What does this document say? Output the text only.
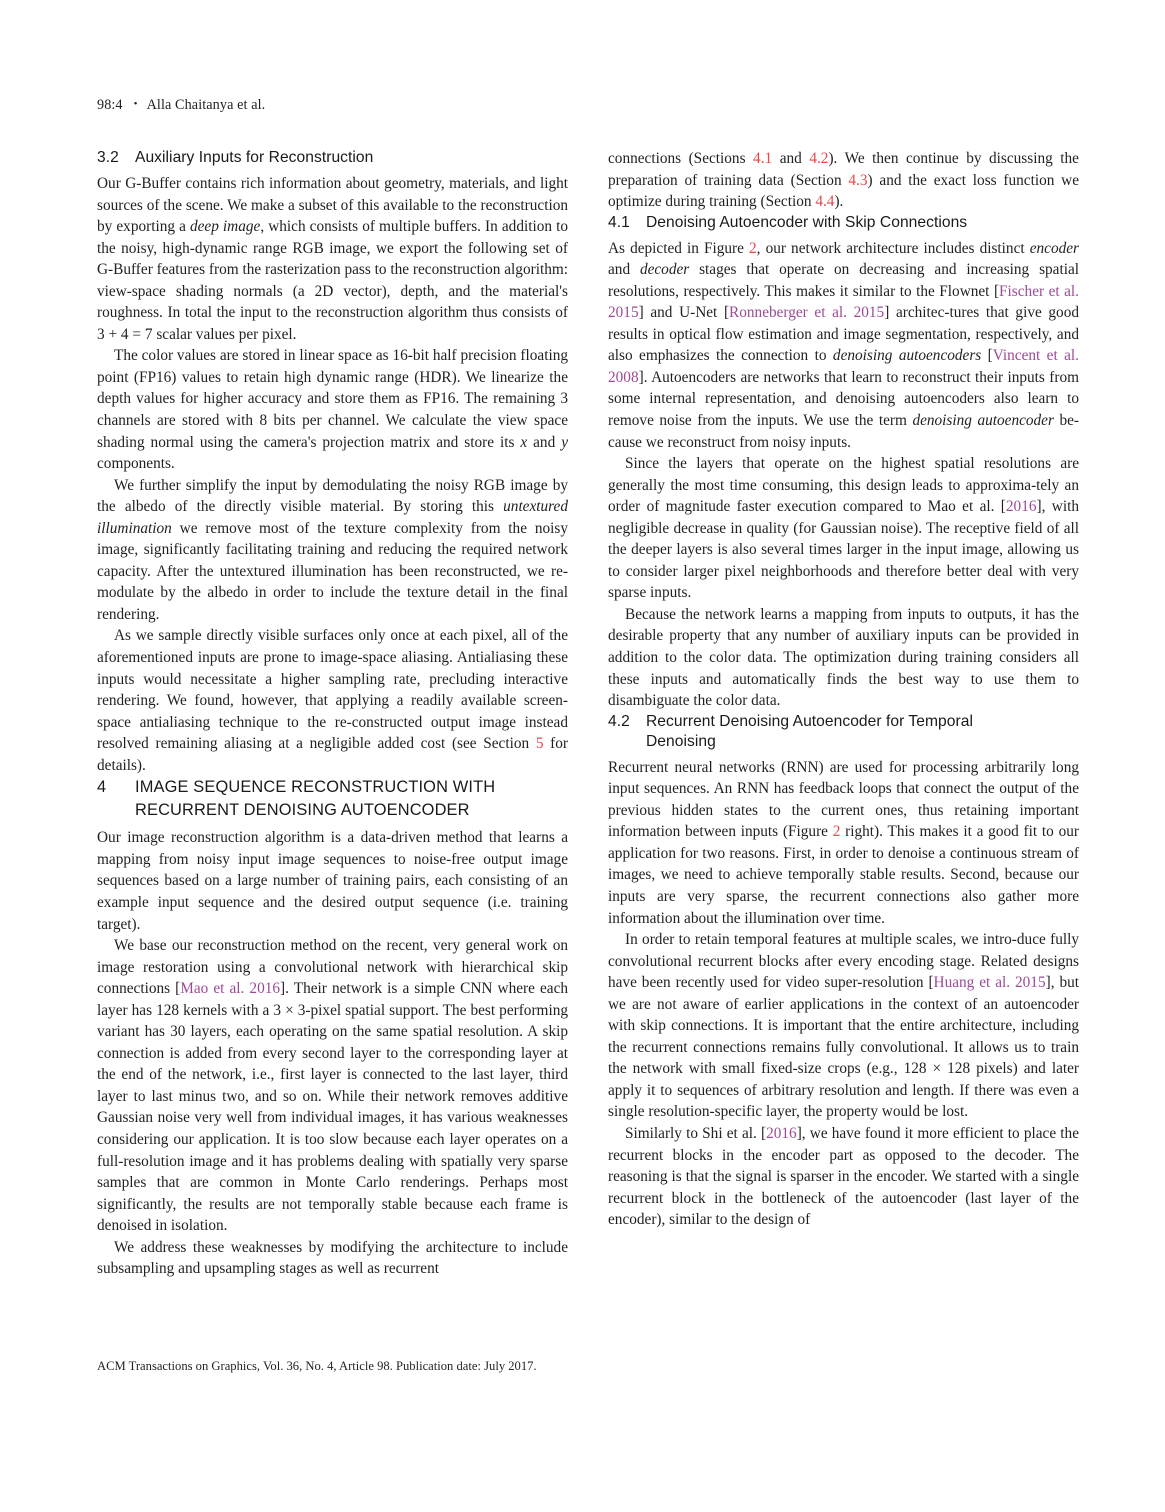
98:4 • Alla Chaitanya et al.
3.2	Auxiliary Inputs for Reconstruction

Our G-Buffer contains rich information about geometry, materials, and light sources of the scene. We make a subset of this available to the reconstruction by exporting a deep image, which consists of multiple buffers. In addition to the noisy, high-dynamic range RGB image, we export the following set of G-Buffer features from the rasterization pass to the reconstruction algorithm: view-space shading normals (a 2D vector), depth, and the material's roughness. In total the input to the reconstruction algorithm thus consists of 3 + 4 = 7 scalar values per pixel.

The color values are stored in linear space as 16-bit half precision floating point (FP16) values to retain high dynamic range (HDR). We linearize the depth values for higher accuracy and store them as FP16. The remaining 3 channels are stored with 8 bits per channel. We calculate the view space shading normal using the camera's projection matrix and store its x and y components.

We further simplify the input by demodulating the noisy RGB image by the albedo of the directly visible material. By storing this untextured illumination we remove most of the texture complexity from the noisy image, significantly facilitating training and reducing the required network capacity. After the untextured illumination has been reconstructed, we re-modulate by the albedo in order to include the texture detail in the final rendering.

As we sample directly visible surfaces only once at each pixel, all of the aforementioned inputs are prone to image-space aliasing. Antialiasing these inputs would necessitate a higher sampling rate, precluding interactive rendering. We found, however, that applying a readily available screen-space antialiasing technique to the re-constructed output image instead resolved remaining aliasing at a negligible added cost (see Section 5 for details).

4	IMAGE SEQUENCE RECONSTRUCTION WITH
RECURRENT DENOISING AUTOENCODER

Our image reconstruction algorithm is a data-driven method that learns a mapping from noisy input image sequences to noise-free output image sequences based on a large number of training pairs, each consisting of an example input sequence and the desired output sequence (i.e. training target).

We base our reconstruction method on the recent, very general work on image restoration using a convolutional network with hierarchical skip connections [Mao et al. 2016]. Their network is a simple CNN where each layer has 128 kernels with a 3 × 3-pixel spatial support. The best performing variant has 30 layers, each operating on the same spatial resolution. A skip connection is added from every second layer to the corresponding layer at the end of the network, i.e., first layer is connected to the last layer, third layer to last minus two, and so on. While their network removes additive Gaussian noise very well from individual images, it has various weaknesses considering our application. It is too slow because each layer operates on a full-resolution image and it has problems dealing with spatially very sparse samples that are common in Monte Carlo renderings. Perhaps most significantly, the results are not temporally stable because each frame is denoised in isolation.

We address these weaknesses by modifying the architecture to include subsampling and upsampling stages as well as recurrent

connections (Sections 4.1 and 4.2). We then continue by discussing the preparation of training data (Section 4.3) and the exact loss function we optimize during training (Section 4.4).

4.1	Denoising Autoencoder with Skip Connections

As depicted in Figure 2, our network architecture includes distinct encoder and decoder stages that operate on decreasing and increasing spatial resolutions, respectively. This makes it similar to the Flownet [Fischer et al. 2015] and U-Net [Ronneberger et al. 2015] architec-tures that give good results in optical flow estimation and image segmentation, respectively, and also emphasizes the connection to denoising autoencoders [Vincent et al. 2008]. Autoencoders are networks that learn to reconstruct their inputs from some internal representation, and denoising autoencoders also learn to remove noise from the inputs. We use the term denoising autoencoder be-cause we reconstruct from noisy inputs.

Since the layers that operate on the highest spatial resolutions are generally the most time consuming, this design leads to approxima-tely an order of magnitude faster execution compared to Mao et al. [2016], with negligible decrease in quality (for Gaussian noise). The receptive field of all the deeper layers is also several times larger in the input image, allowing us to consider larger pixel neighborhoods and therefore better deal with very sparse inputs.

Because the network learns a mapping from inputs to outputs, it has the desirable property that any number of auxiliary inputs can be provided in addition to the color data. The optimization during training considers all these inputs and automatically finds the best way to use them to disambiguate the color data.

4.2	Recurrent Denoising Autoencoder for Temporal
Denoising

Recurrent neural networks (RNN) are used for processing arbitrarily long input sequences. An RNN has feedback loops that connect the output of the previous hidden states to the current ones, thus retaining important information between inputs (Figure 2 right). This makes it a good fit to our application for two reasons. First, in order to denoise a continuous stream of images, we need to achieve temporally stable results. Second, because our inputs are very sparse, the recurrent connections also gather more information about the illumination over time.

In order to retain temporal features at multiple scales, we intro-duce fully convolutional recurrent blocks after every encoding stage. Related designs have been recently used for video super-resolution [Huang et al. 2015], but we are not aware of earlier applications in the context of an autoencoder with skip connections. It is important that the entire architecture, including the recurrent connections remains fully convolutional. It allows us to train the network with small fixed-size crops (e.g., 128 × 128 pixels) and later apply it to sequences of arbitrary resolution and length. If there was even a single resolution-specific layer, the property would be lost.

Similarly to Shi et al. [2016], we have found it more efficient to place the recurrent blocks in the encoder part as opposed to the decoder. The reasoning is that the signal is sparser in the encoder. We started with a single recurrent block in the bottleneck of the autoencoder (last layer of the encoder), similar to the design of

ACM Transactions on Graphics, Vol. 36, No. 4, Article 98. Publication date: July 2017.
